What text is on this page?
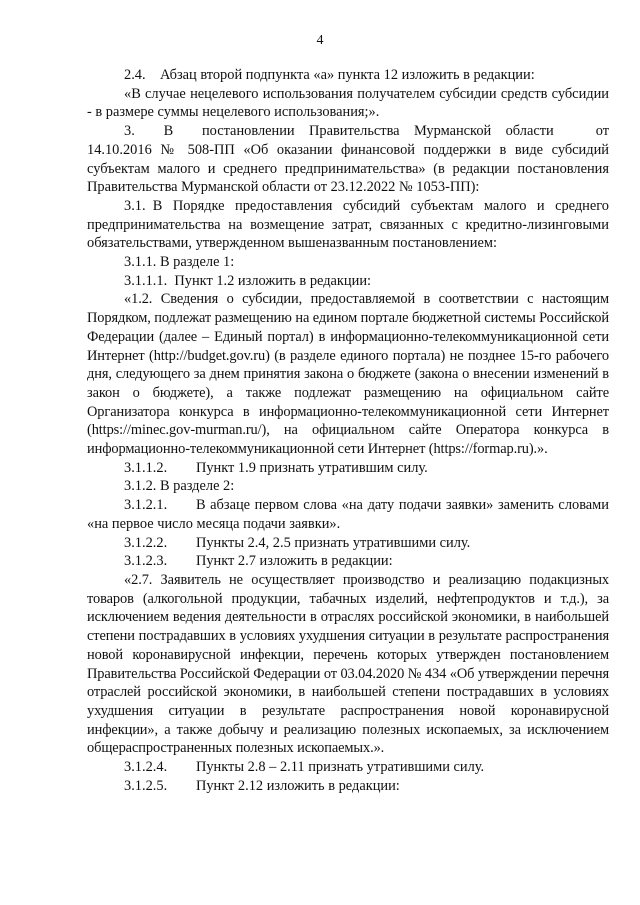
4

2.4. Абзац второй подпункта «а» пункта 12 изложить в редакции:

«В случае нецелевого использования получателем субсидии средств субсидии - в размере суммы нецелевого использования;».

3.  В  постановлении Правительства Мурманской области от 14.10.2016 № 508-ПП «Об оказании финансовой поддержки в виде субсидий субъектам малого и среднего предпринимательства» (в редакции постановления Правительства Мурманской области от 23.12.2022 № 1053-ПП):

3.1. В Порядке предоставления субсидий субъектам малого и среднего предпринимательства на возмещение затрат, связанных с кредитно-лизинговыми обязательствами, утвержденном вышеназванным постановлением:

3.1.1. В разделе 1:

3.1.1.1. Пункт 1.2 изложить в редакции:

«1.2. Сведения о субсидии, предоставляемой в соответствии с настоящим Порядком, подлежат размещению на едином портале бюджетной системы Российской Федерации (далее – Единый портал) в информационно-телекоммуникационной сети Интернет (http://budget.gov.ru) (в разделе единого портала) не позднее 15-го рабочего дня, следующего за днем принятия закона о бюджете (закона о внесении изменений в закон о бюджете), а также подлежат размещению на официальном сайте Организатора конкурса в информационно-телекоммуникационной сети Интернет (https://minec.gov-murman.ru/), на официальном сайте Оператора конкурса в информационно-телекоммуникационной сети Интернет (https://formap.ru).».

3.1.1.2.  Пункт 1.9 признать утратившим силу.

3.1.2. В разделе 2:

3.1.2.1.  В абзаце первом слова «на дату подачи заявки» заменить словами «на первое число месяца подачи заявки».

3.1.2.2.  Пункты 2.4, 2.5 признать утратившими силу.

3.1.2.3.  Пункт 2.7 изложить в редакции:

«2.7. Заявитель не осуществляет производство и реализацию подакцизных товаров (алкогольной продукции, табачных изделий, нефтепродуктов и т.д.), за исключением ведения деятельности в отраслях российской экономики, в наибольшей степени пострадавших в условиях ухудшения ситуации в результате распространения новой коронавирусной инфекции, перечень которых утвержден постановлением Правительства Российской Федерации от 03.04.2020 № 434 «Об утверждении перечня отраслей российской экономики, в наибольшей степени пострадавших в условиях ухудшения ситуации в результате распространения новой коронавирусной инфекции», а также добычу и реализацию полезных ископаемых, за исключением общераспространенных полезных ископаемых.».

3.1.2.4.  Пункты 2.8 – 2.11 признать утратившими силу.

3.1.2.5.  Пункт 2.12 изложить в редакции:
